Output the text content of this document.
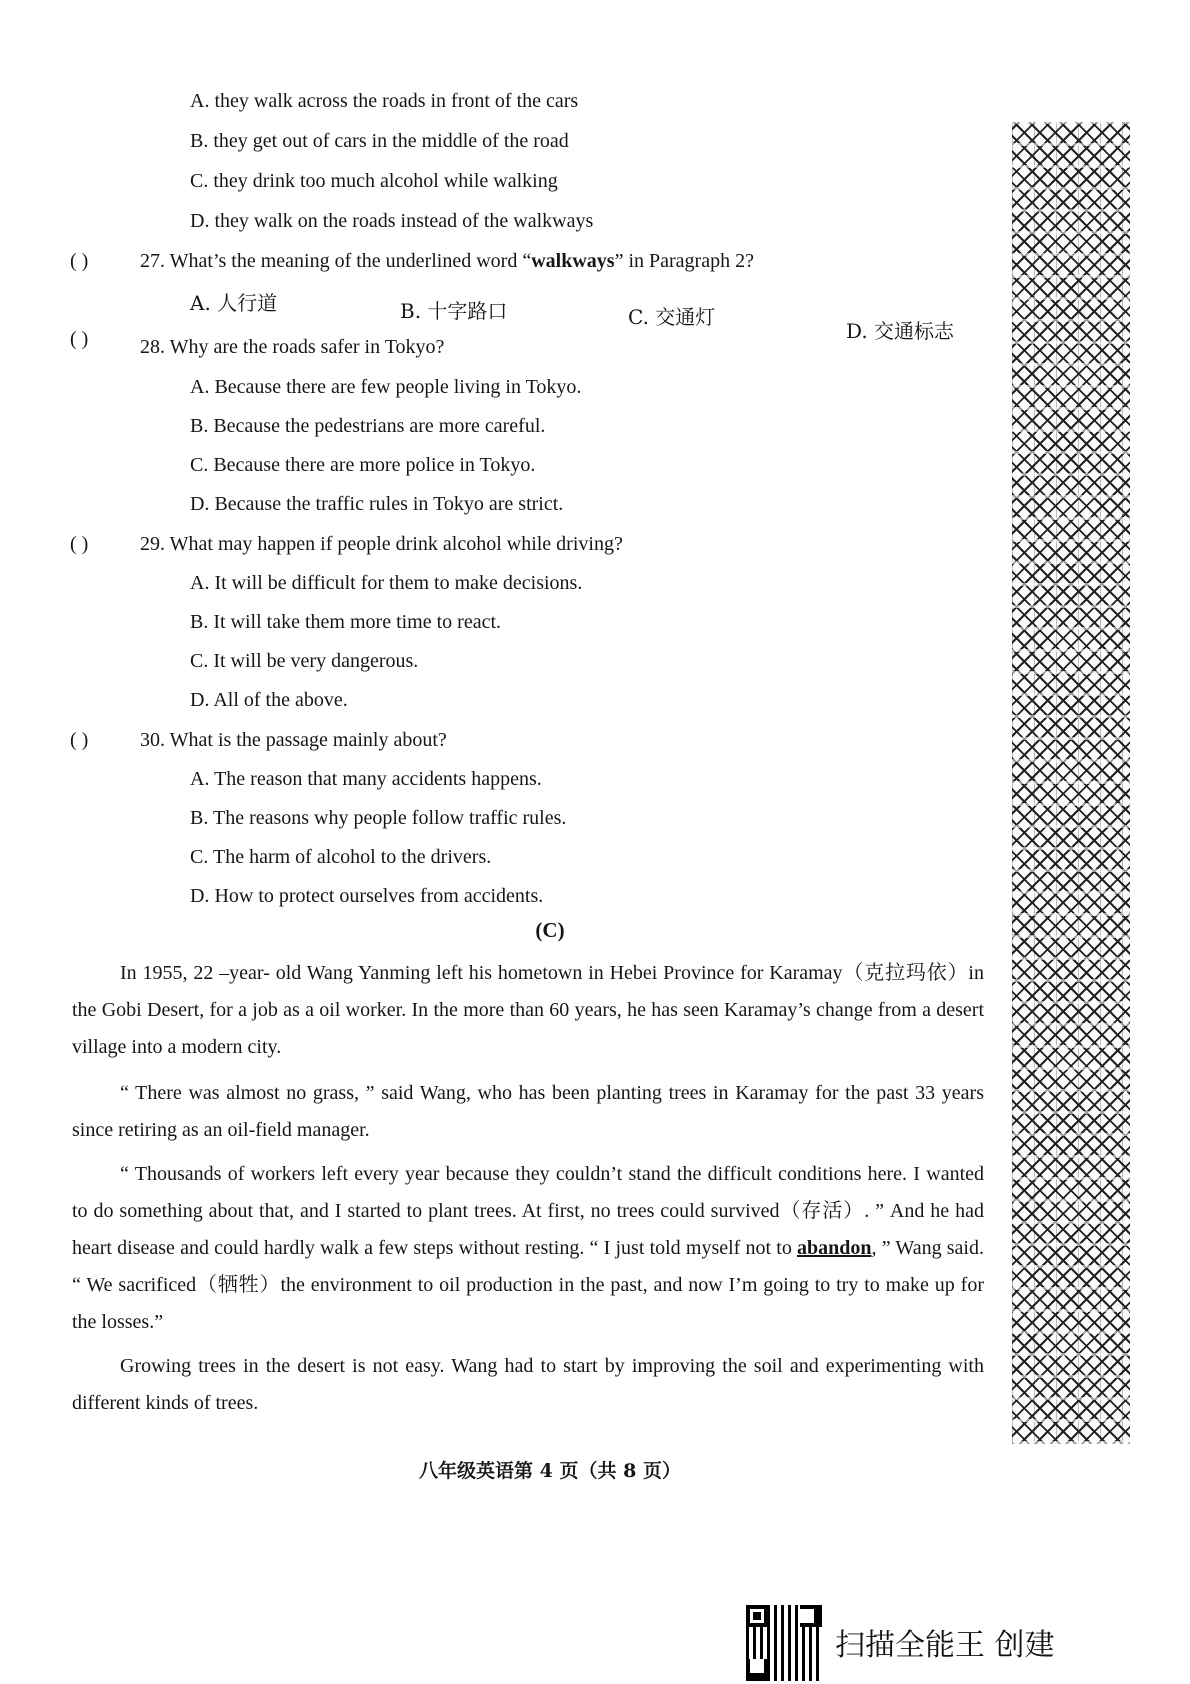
A. they walk across the roads in front of the cars
B. they get out of cars in the middle of the road
C. they drink too much alcohol while walking
D. they walk on the roads instead of the walkways
( )	27. What’s the meaning of the underlined word “walkways” in Paragraph 2?
A. 人行道	B. 十字路口	C. 交通灯
D. 交通标志
( )	28. Why are the roads safer in Tokyo?
A. Because there are few people living in Tokyo.
B. Because the pedestrians are more careful.
C. Because there are more police in Tokyo.
D. Because the traffic rules in Tokyo are strict.
( )	29. What may happen if people drink alcohol while driving?
A. It will be difficult for them to make decisions.
B. It will take them more time to react.
C. It will be very dangerous.
D. All of the above.
( )	30. What is the passage mainly about?
A. The reason that many accidents happens.
B. The reasons why people follow traffic rules.
C. The harm of alcohol to the drivers.
D. How to protect ourselves from accidents.
(C)
In 1955, 22 –year- old Wang Yanming left his hometown in Hebei Province for Karamay（克拉玛依）in the Gobi Desert, for a job as a oil worker. In the more than 60 years, he has seen Karamay’s change from a desert village into a modern city.
“ There was almost no grass, ” said Wang, who has been planting trees in Karamay for the past 33 years since retiring as an oil-field manager.
“ Thousands of workers left every year because they couldn’t stand the difficult conditions here. I wanted to do something about that, and I started to plant trees. At first, no trees could survived（存活）. ” And he had heart disease and could hardly walk a few steps without resting. “ I just told myself not to abandon, ” Wang said. “ We sacrificed（牺牲）the environment to oil production in the past, and now I’m going to try to make up for the losses.”
Growing trees in the desert is not easy. Wang had to start by improving the soil and experimenting with different kinds of trees.
八年级英语第 4 页（共 8 页）
扫描全能王 创建
